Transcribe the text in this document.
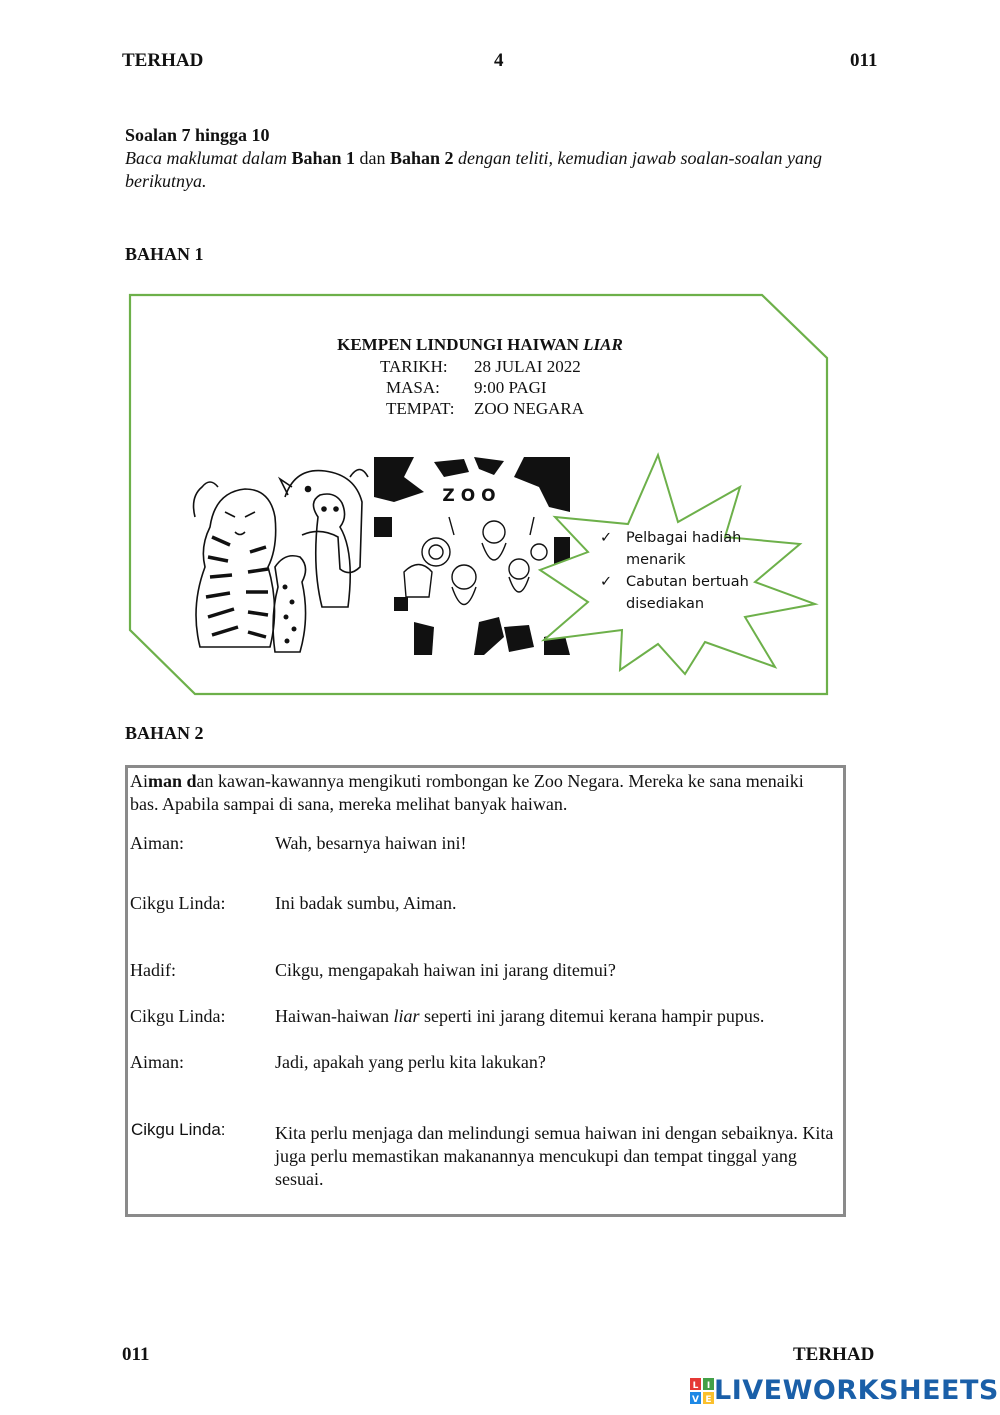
TERHAD	4	011
Soalan 7 hingga 10
Baca maklumat dalam Bahan 1 dan Bahan 2 dengan teliti, kemudian jawab soalan-soalan yang berikutnya.
BAHAN 1
KEMPEN LINDUNGI HAIWAN LIAR
TARIKH: 28 JULAI 2022
MASA: 9:00 PAGI
TEMPAT: ZOO NEGARA
ZOO
✓ Pelbagai hadiah
menarik
✓ Cabutan bertuah
disediakan
BAHAN 2
Aiman dan kawan-kawannya mengikuti rombongan ke Zoo Negara. Mereka ke sana menaiki bas. Apabila sampai di sana, mereka melihat banyak haiwan.
Aiman:	Wah, besarnya haiwan ini!
Cikgu Linda:	Ini badak sumbu, Aiman.
Hadif:	Cikgu, mengapakah haiwan ini jarang ditemui?
Cikgu Linda:	Haiwan-haiwan liar seperti ini jarang ditemui kerana hampir pupus.
Aiman:	Jadi, apakah yang perlu kita lakukan?
Cikgu Linda:	Kita perlu menjaga dan melindungi semua haiwan ini dengan sebaiknya. Kita juga perlu memastikan makanannya mencukupi dan tempat tinggal yang sesuai.
011	TERHAD
L I
V E LIVEWORKSHEETS
